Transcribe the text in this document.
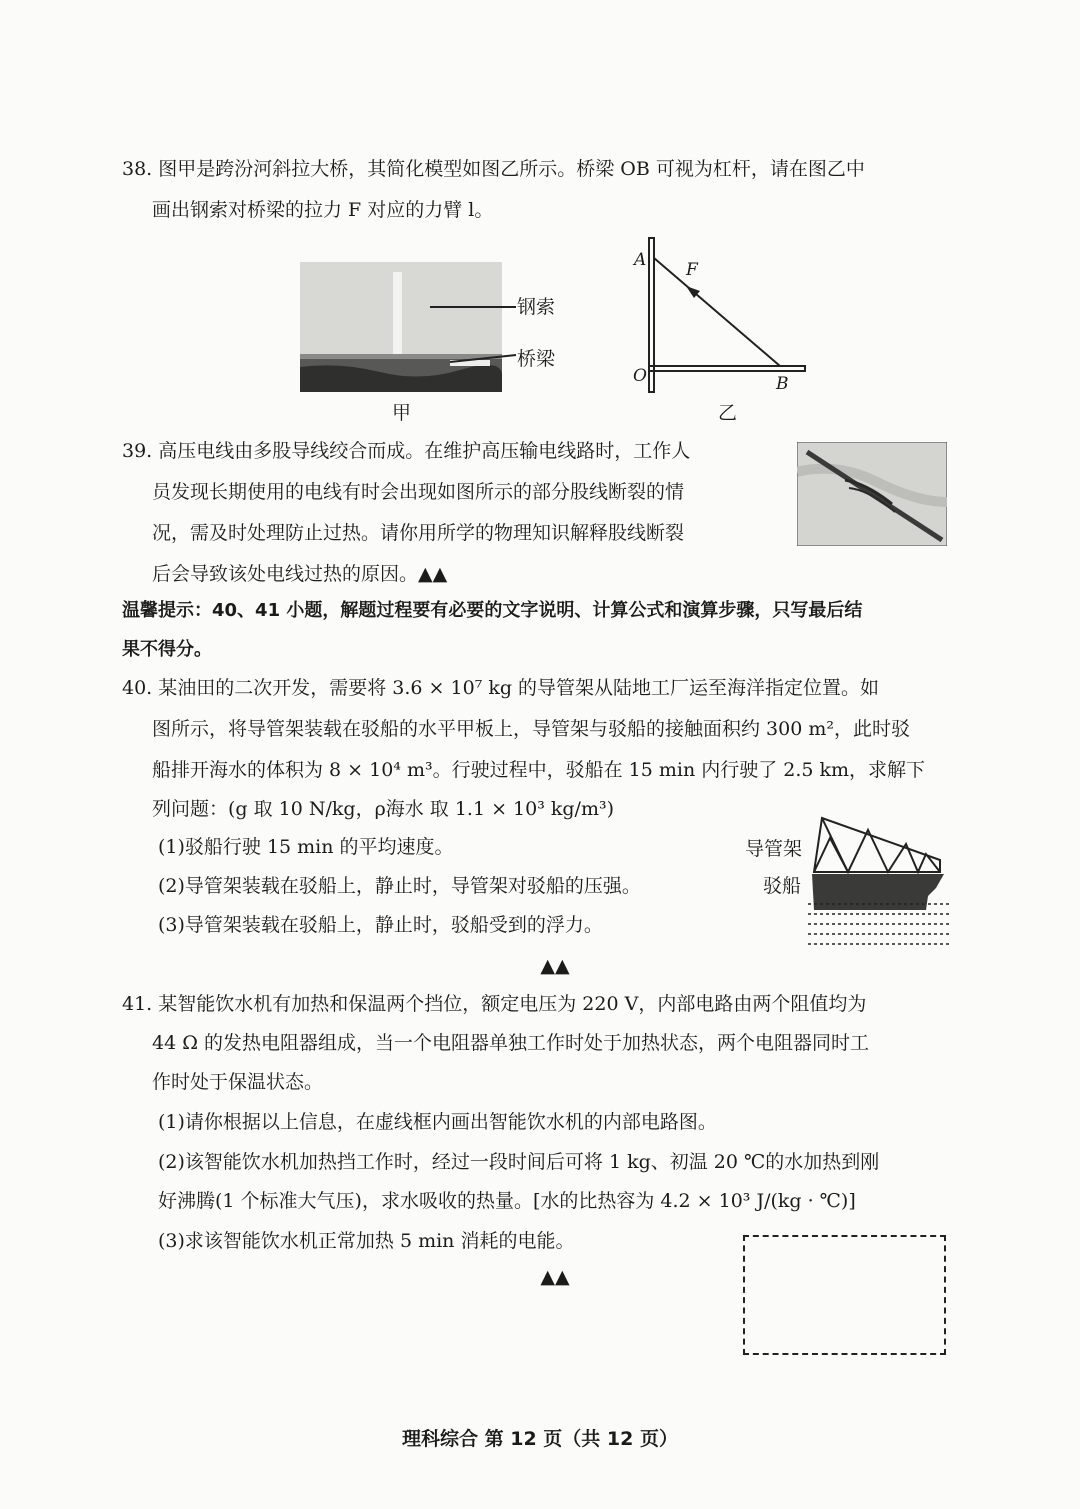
38. 图甲是跨汾河斜拉大桥，其简化模型如图乙所示。桥梁 OB 可视为杠杆，请在图乙中
画出钢索对桥梁的拉力 F 对应的力臂 l。
钢索
桥梁
甲
A F
O	B
乙
39. 高压电线由多股导线绞合而成。在维护高压输电线路时，工作人
员发现长期使用的电线有时会出现如图所示的部分股线断裂的情
况，需及时处理防止过热。请你用所学的物理知识解释股线断裂
后会导致该处电线过热的原因。▲▲
温馨提示：40、41 小题，解题过程要有必要的文字说明、计算公式和演算步骤，只写最后结
果不得分。
40. 某油田的二次开发，需要将 3.6 × 10⁷ kg 的导管架从陆地工厂运至海洋指定位置。如
图所示，将导管架装载在驳船的水平甲板上，导管架与驳船的接触面积约 300 m²，此时驳
船排开海水的体积为 8 × 10⁴ m³。行驶过程中，驳船在 15 min 内行驶了 2.5 km，求解下
列问题：(g 取 10 N/kg，ρ海水 取 1.1 × 10³ kg/m³)
(1)驳船行驶 15 min 的平均速度。
(2)导管架装载在驳船上，静止时，导管架对驳船的压强。
(3)导管架装载在驳船上，静止时，驳船受到的浮力。
导管架
驳船
▲▲
41. 某智能饮水机有加热和保温两个挡位，额定电压为 220 V，内部电路由两个阻值均为
44 Ω 的发热电阻器组成，当一个电阻器单独工作时处于加热状态，两个电阻器同时工
作时处于保温状态。
(1)请你根据以上信息，在虚线框内画出智能饮水机的内部电路图。
(2)该智能饮水机加热挡工作时，经过一段时间后可将 1 kg、初温 20 ℃的水加热到刚
好沸腾(1 个标准大气压)，求水吸收的热量。[水的比热容为 4.2 × 10³ J/(kg · ℃)]
(3)求该智能饮水机正常加热 5 min 消耗的电能。
▲▲
理科综合 第 12 页（共 12 页）
